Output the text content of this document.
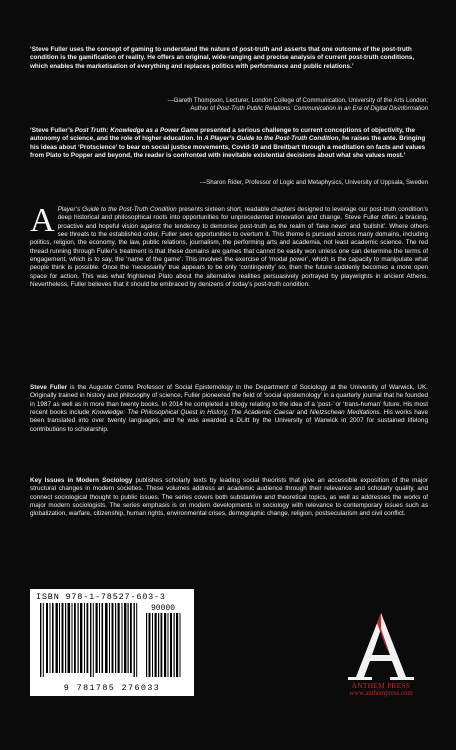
‘Steve Fuller uses the concept of gaming to understand the nature of post-truth and asserts that one outcome of the post-truth condition is the gamification of reality. He offers an original, wide-ranging and precise analysis of current post-truth conditions, which enables the marketisation of everything and replaces politics with performance and public relations.’
—Gareth Thompson, Lecturer, London College of Communication, University of the Arts London;
Author of Post-Truth Public Relations: Communication in an Era of Digital Disinformation
‘Steve Fuller’s Post Truth: Knowledge as a Power Game presented a serious challenge to current conceptions of objectivity, the autonomy of science, and the role of higher education. In A Player’s Guide to the Post-Truth Condition, he raises the ante. Bringing his ideas about ‘Protscience’ to bear on social justice movements, Covid-19 and Breitbart through a meditation on facts and values from Plato to Popper and beyond, the reader is confronted with inevitable existential decisions about what she values most.’
—Sharon Rider, Professor of Logic and Metaphysics, University of Uppsala, Sweden
A Player’s Guide to the Post-Truth Condition presents sixteen short, readable chapters designed to leverage our post-truth condition’s deep historical and philosophical roots into opportunities for unprecedented innovation and change. Steve Fuller offers a bracing, proactive and hopeful vision against the tendency to demonise post-truth as the realm of ‘fake news’ and ‘bullshit’. Where others see threats to the established order, Fuller sees opportunities to overturn it. This theme is pursued across many domains, including politics, religion, the economy, the law, public relations, journalism, the performing arts and academia, not least academic science. The red thread running through Fuller’s treatment is that these domains are games that cannot be easily won unless one can determine the terms of engagement, which is to say, the ‘name of the game’. This involves the exercise of ‘modal power’, which is the capacity to manipulate what people think is possible. Once the ‘necessarily’ true appears to be only ‘contingently’ so, then the future suddenly becomes a more open space for action. This was what frightened Plato about the alternative realities persuasively portrayed by playwrights in ancient Athens. Nevertheless, Fuller believes that it should be embraced by denizens of today’s post-truth condition.
Steve Fuller is the Auguste Comte Professor of Social Epistemology in the Department of Sociology at the University of Warwick, UK. Originally trained in history and philosophy of science, Fuller pioneered the field of ‘social epistemology’ in a quarterly journal that he founded in 1987 as well as in more than twenty books. In 2014 he completed a trilogy relating to the idea of a ‘post-’ or ‘trans-human’ future. His most recent books include Knowledge: The Philosophical Quest in History, The Academic Caesar and Nietzschean Meditations. His works have been translated into over twenty languages, and he was awarded a DLitt by the University of Warwick in 2007 for sustained lifelong contributions to scholarship.
Key Issues in Modern Sociology publishes scholarly texts by leading social theorists that give an accessible exposition of the major structural changes in modern societies. These volumes address an academic audience through their relevance and scholarly quality, and connect sociological thought to public issues. The series covers both substantive and theoretical topics, as well as addresses the works of major modern sociologists. The series emphasis is on modern developments in sociology with relevance to contemporary issues such as globalization, warfare, citizenship, human rights, environmental crises, demographic change, religion, postsecularism and civil conflict.
ISBN 978-1-78527-603-3
90000
9 781785 276033	ANTHEM PRESS
www.anthempress.com
